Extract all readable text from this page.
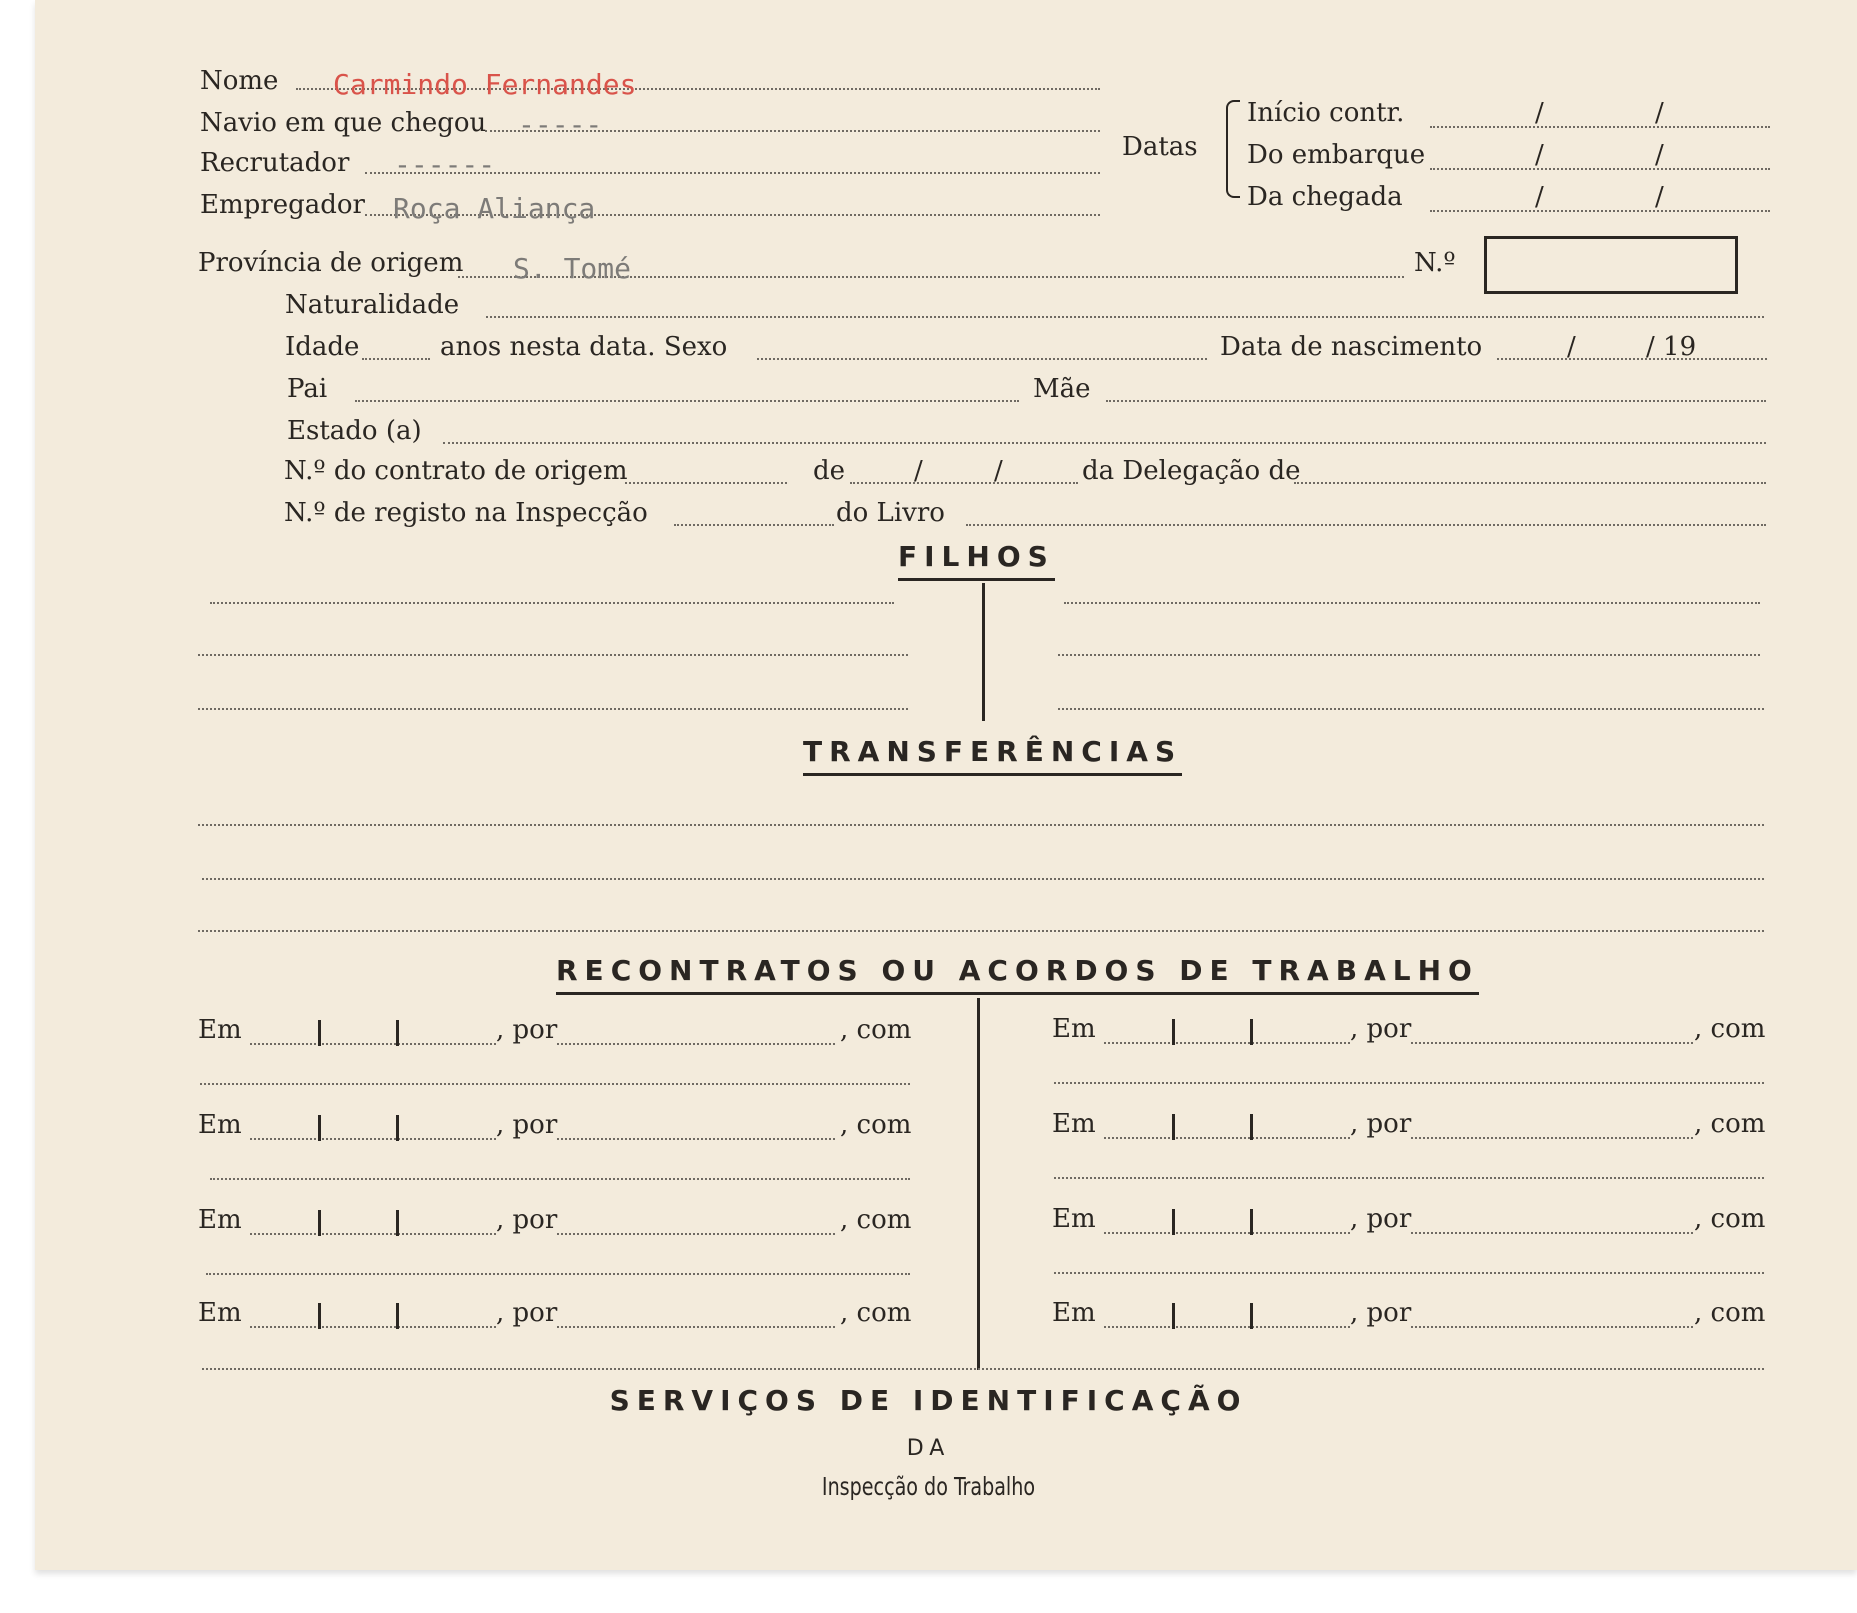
Nome Carmindo Fernandes
Navio em que chegou -----
Recrutador ------
Empregador Roça Aliança
Datas
Início contr.	/	/
Do embarque	/	/
Da chegada	/	/
Província de origem S. Tomé	N.º
Naturalidade
Idade	anos nesta data. Sexo	Data de nascimento	/	/ 19
Pai	Mãe
Estado (a)
N.º do contrato de origem	de	/	/	da Delegação de
N.º de registo na Inspecção	do Livro
FILHOS
TRANSFERÊNCIAS
RECONTRATOS OU ACORDOS DE TRABALHO
Em	, por	, com
Em	, por	, com
Em	, por	, com
Em	, por	, com
Em	, por	, com
Em	, por	, com
Em	, por	, com
Em	, por	, com
SERVIÇOS DE IDENTIFICAÇÃO
DA
Inspecção do Trabalho
